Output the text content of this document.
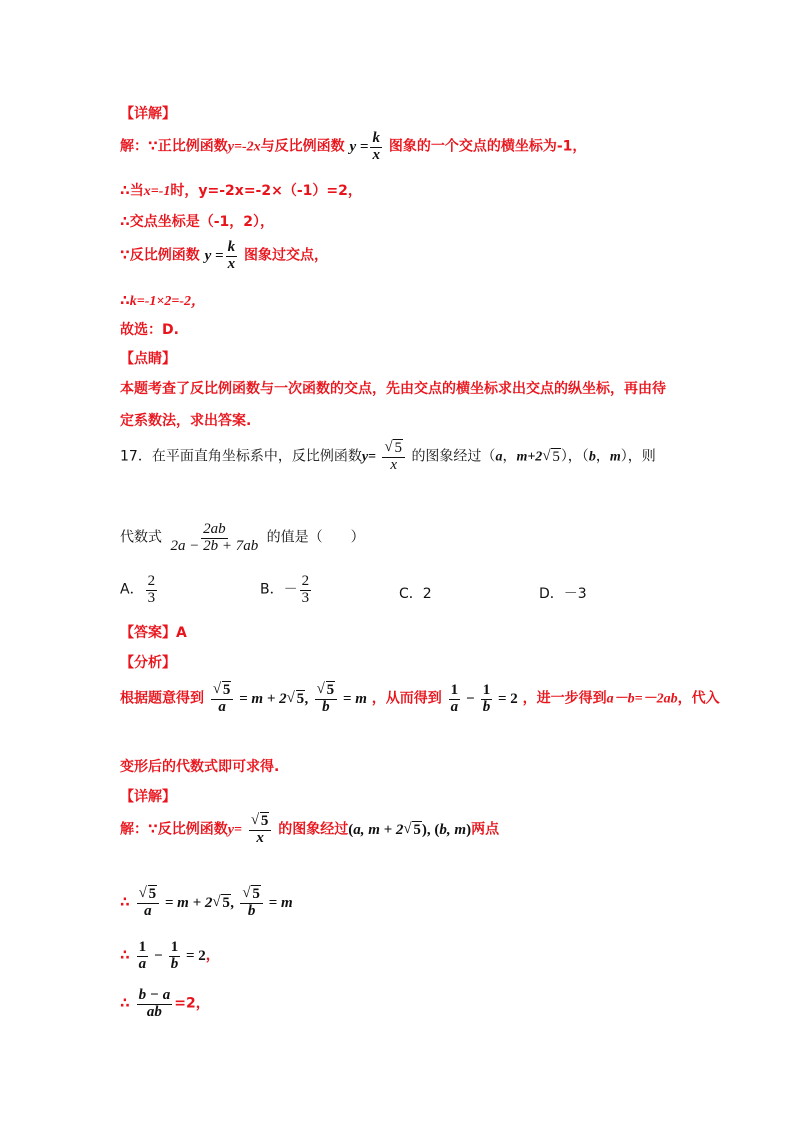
【详解】
解：∵正比例函数y=-2x与反比例函数 $y = \frac{k}{x}$ 图象的一个交点的横坐标为-1，
∴当x=-1时，y=-2x=-2×（-1）=2，
∴交点坐标是（-1，2），
∵反比例函数 $y = \frac{k}{x}$ 图象过交点，
∴k=-1×2=-2，
故选：D.
【点睛】
本题考查了反比例函数与一次函数的交点，先由交点的横坐标求出交点的纵坐标，再由待
定系数法，求出答案.
17．在平面直角坐标系中，反比例函数y=
√ $\frac{5}{x}$ 的图象经过（a，m+2√ 5），（b，m），则
代数式 $\frac{2ab}{2a - 2b + 7ab}$ 的值是（　　）
A． $\frac{2}{3}$	B．－ $\frac{2}{3}$	C．2	D．－3
【答案】A
【分析】
根据题意得到
√ $\frac{5}{a} = m + 2√$ 5,
√ $\frac{5}{b} = m$ ，从而得到 $\frac{1}{a} - \frac{1}{b} = 2$ ，进一步得到a－b=－2ab，代入
变形后的代数式即可求得.
【详解】
解：∵反比例函数y=
√ $\frac{5}{x}$ 的图象经过(a, m + 2√ 5), (b, m)两点
∴
√ $\frac{5}{a} = m + 2√$ 5,
√ $\frac{5}{b} = m$
∴ $\frac{1}{a} - \frac{1}{b} = 2$，
∴ $\frac{b - a}{ab} =2$，
